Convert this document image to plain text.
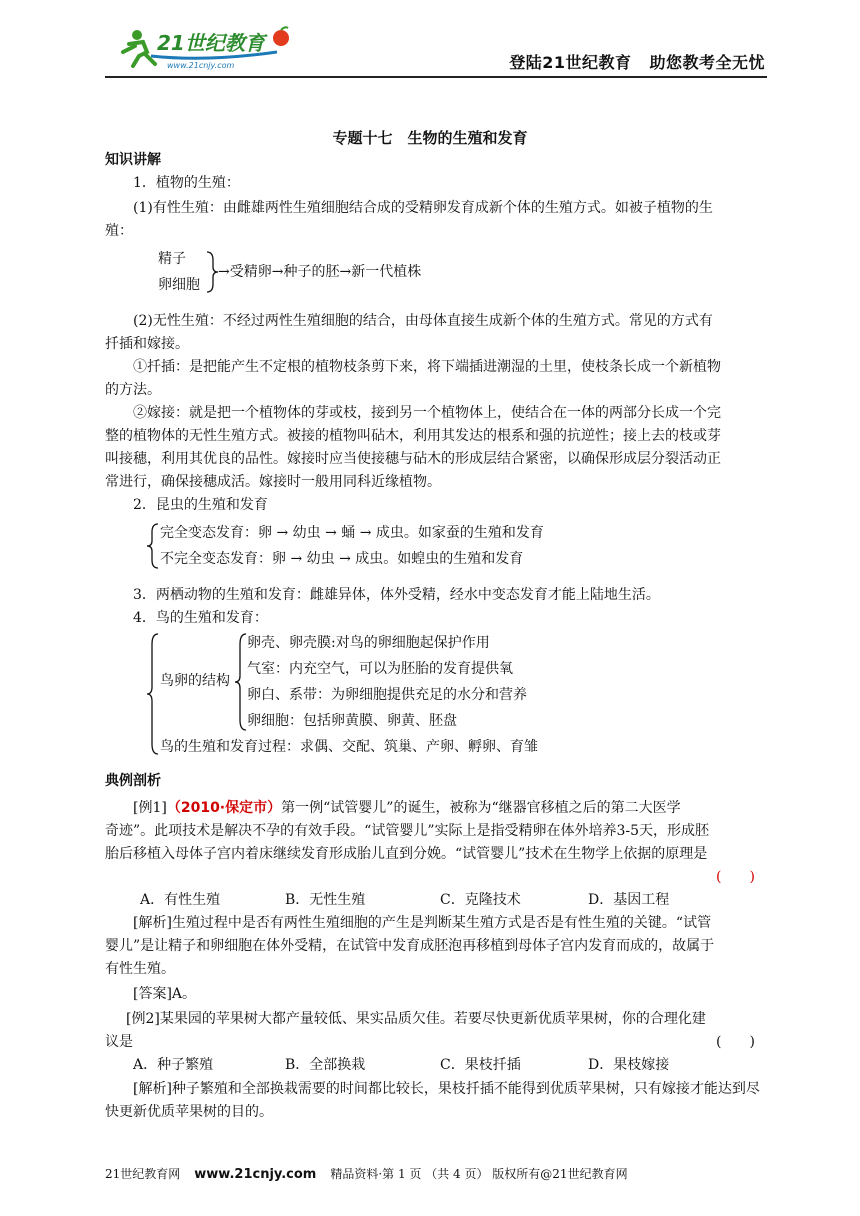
21世纪教育
www.21cnjy.com	登陆21世纪教育 助您教考全无忧
专题十七　生物的生殖和发育
知识讲解
1．植物的生殖：
(1)有性生殖：由雌雄两性生殖细胞结合成的受精卵发育成新个体的生殖方式。如被子植物的生
殖：
精子
卵细胞
→受精卵→种子的胚→新一代植株
(2)无性生殖：不经过两性生殖细胞的结合，由母体直接生成新个体的生殖方式。常见的方式有
扦插和嫁接。
①扦插：是把能产生不定根的植物枝条剪下来，将下端插进潮湿的土里，使枝条长成一个新植物
的方法。
②嫁接：就是把一个植物体的芽或枝，接到另一个植物体上，使结合在一体的两部分长成一个完
整的植物体的无性生殖方式。被接的植物叫砧木，利用其发达的根系和强的抗逆性；接上去的枝或芽
叫接穗，利用其优良的品性。嫁接时应当使接穗与砧木的形成层结合紧密，以确保形成层分裂活动正
常进行，确保接穗成活。嫁接时一般用同科近缘植物。
2．昆虫的生殖和发育
完全变态发育：卵 → 幼虫 → 蛹 → 成虫。如家蚕的生殖和发育
不完全变态发育：卵 → 幼虫 → 成虫。如蝗虫的生殖和发育
3．两栖动物的生殖和发育：雌雄异体，体外受精，经水中变态发育才能上陆地生活。
4．鸟的生殖和发育：
鸟卵的结构
卵壳、卵壳膜:对鸟的卵细胞起保护作用
气室：内充空气，可以为胚胎的发育提供氧
卵白、系带：为卵细胞提供充足的水分和营养
卵细胞：包括卵黄膜、卵黄、胚盘
鸟的生殖和发育过程：求偶、交配、筑巢、产卵、孵卵、育雏
典例剖析
[例1]（2010·保定市）第一例“试管婴儿”的诞生，被称为“继器官移植之后的第二大医学
奇迹”。此项技术是解决不孕的有效手段。“试管婴儿”实际上是指受精卵在体外培养3-5天，形成胚
胎后移植入母体子宫内着床继续发育形成胎儿直到分娩。“试管婴儿”技术在生物学上依据的原理是
(　　)
A．有性生殖	B．无性生殖	C．克隆技术	D．基因工程
[解析]生殖过程中是否有两性生殖细胞的产生是判断某生殖方式是否是有性生殖的关键。“试管
婴儿”是让精子和卵细胞在体外受精，在试管中发育成胚泡再移植到母体子宫内发育而成的，故属于
有性生殖。
[答案]A。
[例2]某果园的苹果树大都产量较低、果实品质欠佳。若要尽快更新优质苹果树，你的合理化建
议是	(　　)
A．种子繁殖	B．全部换栽	C．果枝扦插	D．果枝嫁接
[解析]种子繁殖和全部换栽需要的时间都比较长，果枝扦插不能得到优质苹果树，只有嫁接才能达到尽
快更新优质苹果树的目的。
21世纪教育网 www.21cnjy.com 精品资料·第 1 页 （共 4 页） 版权所有@21世纪教育网
